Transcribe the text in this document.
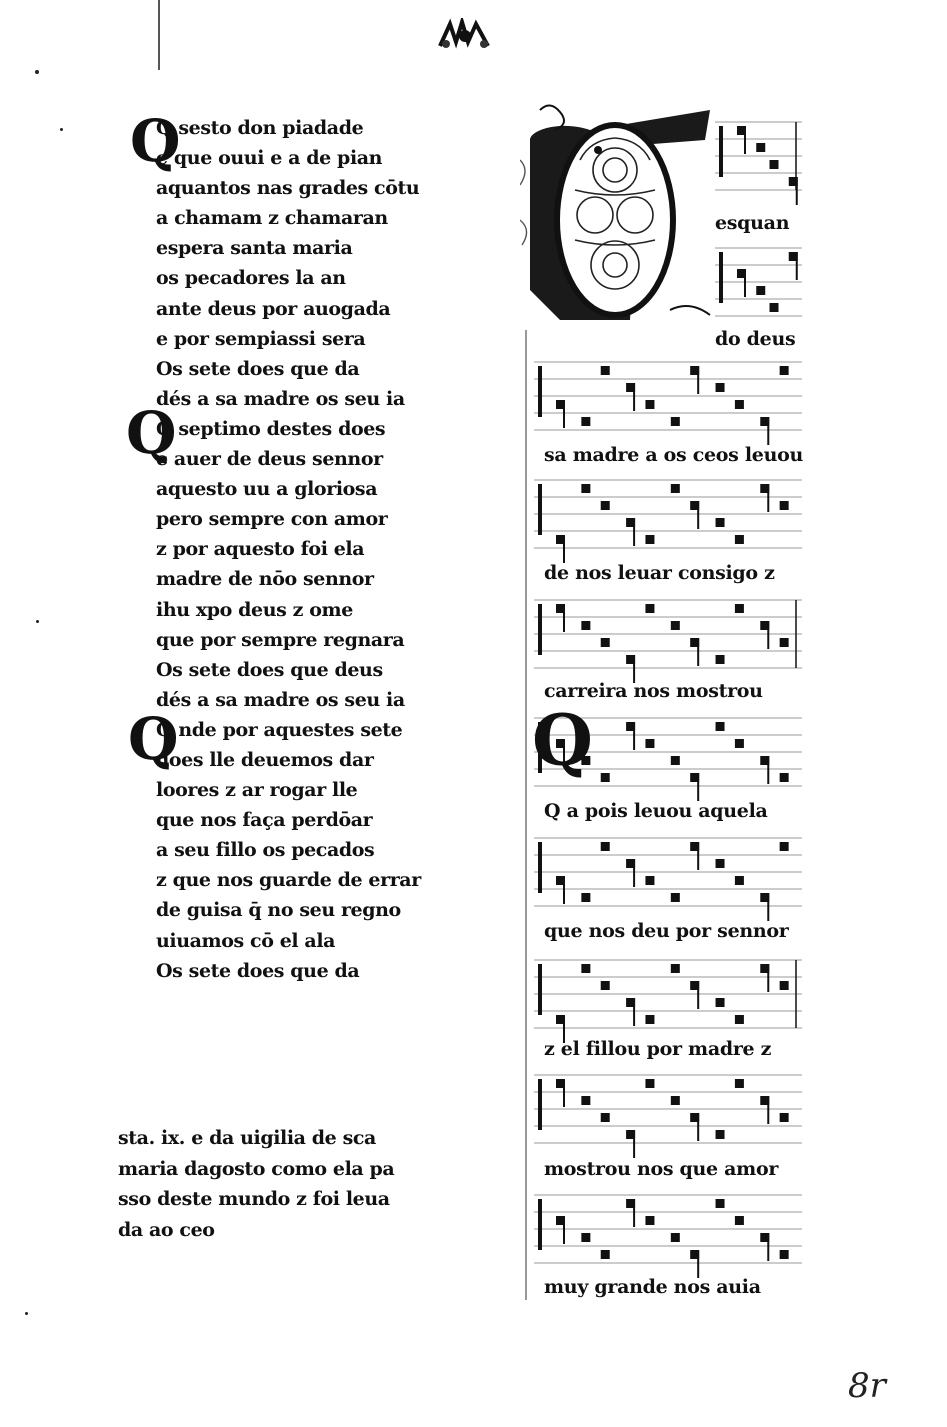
Q
Q
Q
Q sesto don piadade
e que ouui e a de pian
aquantos nas grades cōtu
a chamam z chamaran
espera santa maria
os pecadores la an
ante deus por auogada
e por sempiassi sera
Os sete does que da
dés a sa madre os seu ia
Q septimo destes does
e auer de deus sennor
aquesto uu a gloriosa
pero sempre con amor
z por aquesto foi ela
madre de nōo sennor
ihu xpo deus z ome
que por sempre regnara
Os sete does que deus
dés a sa madre os seu ia
Q nde por aquestes sete
does lle deuemos dar
loores z ar rogar lle
que nos faça perdōar
a seu fillo os pecados
z que nos guarde de errar
de guisa q̄ no seu regno
uiuamos cō el ala
Os sete does que da
sta. ix. e da uigilia de sca
maria dagosto como ela pa
sso deste mundo z foi leua
da ao ceo
8r
esquan
do deus
sa madre a os ceos leuou
de nos leuar consigo z
carreira nos mostrou
Q a pois leuou aquela
que nos deu por sennor
z el fillou por madre z
mostrou nos que amor
muy grande nos auia
Q
